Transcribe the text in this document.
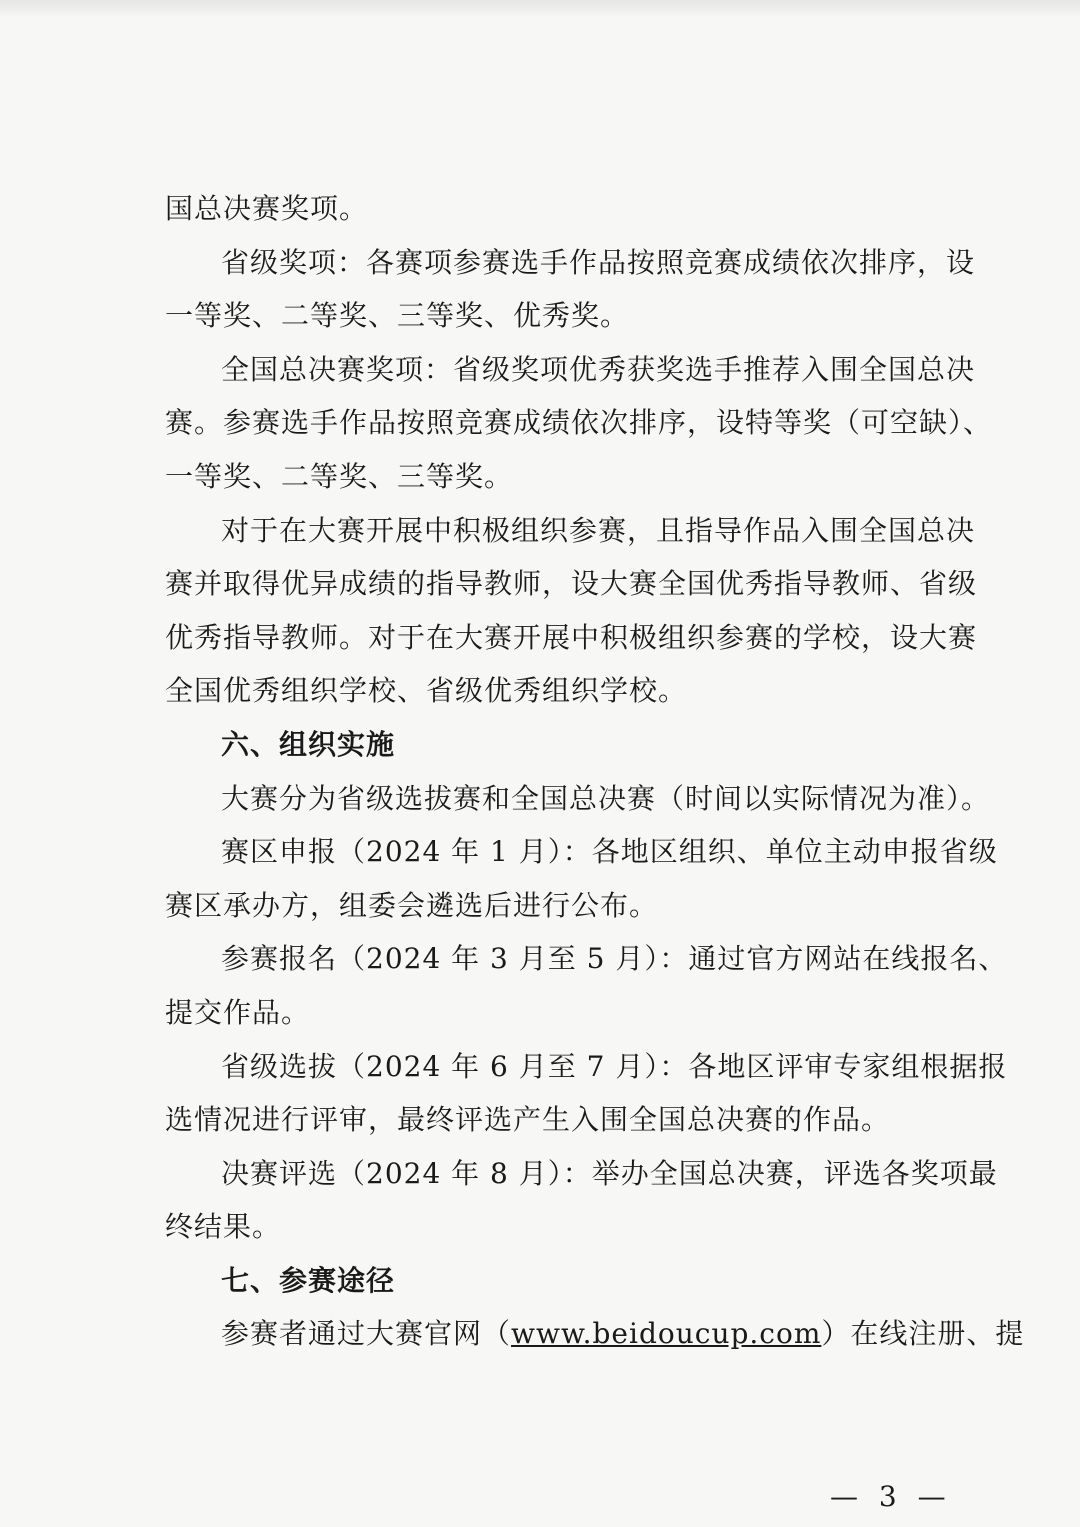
国总决赛奖项。
省级奖项：各赛项参赛选手作品按照竞赛成绩依次排序，设
一等奖、二等奖、三等奖、优秀奖。
全国总决赛奖项：省级奖项优秀获奖选手推荐入围全国总决
赛。参赛选手作品按照竞赛成绩依次排序，设特等奖（可空缺）、
一等奖、二等奖、三等奖。
对于在大赛开展中积极组织参赛，且指导作品入围全国总决
赛并取得优异成绩的指导教师，设大赛全国优秀指导教师、省级
优秀指导教师。对于在大赛开展中积极组织参赛的学校，设大赛
全国优秀组织学校、省级优秀组织学校。
六、组织实施
大赛分为省级选拔赛和全国总决赛（时间以实际情况为准）。
赛区申报（2024 年 1 月）：各地区组织、单位主动申报省级
赛区承办方，组委会遴选后进行公布。
参赛报名（2024 年 3 月至 5 月）：通过官方网站在线报名、
提交作品。
省级选拔（2024 年 6 月至 7 月）：各地区评审专家组根据报
选情况进行评审，最终评选产生入围全国总决赛的作品。
决赛评选（2024 年 8 月）：举办全国总决赛，评选各奖项最
终结果。
七、参赛途径
参赛者通过大赛官网（www.beidoucup.com）在线注册、提
— 3 —
